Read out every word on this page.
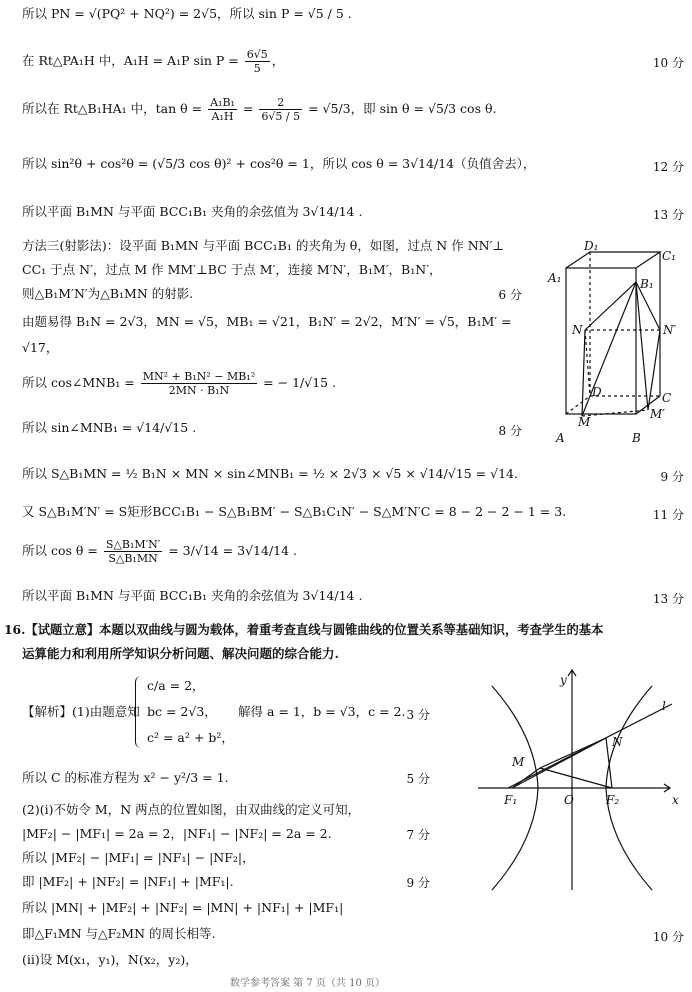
所以 PN = √(PQ² + NQ²) = 2√5，所以 sin P = √5 / 5 .
在 Rt△PA₁H 中，A₁H = A₁P $\sin P = \frac{6√5}{5}$ ，	10 分
所以在 Rt△B₁HA₁ 中，$\tan \theta = \frac{\text{A₁B₁}}{\text{A₁H}} = \frac{2}{6√5 / 5} = √5/3$，即 sin θ = √5/3 cos θ.
所以 sin²θ + cos²θ = (√5/3 cos θ)² + cos²θ = 1，所以 cos θ = 3√14/14（负值舍去），	12 分
所以平面 B₁MN 与平面 BCC₁B₁ 夹角的余弦值为 3√14/14 .	13 分
方法三(射影法)：设平面 B₁MN 与平面 BCC₁B₁ 的夹角为 θ，如图，过点 N 作 NN′⊥
CC₁ 于点 N′，过点 M 作 MM′⊥BC 于点 M′，连接 M′N′，B₁M′，B₁N′，
则△B₁M′N′为△B₁MN 的射影.	6 分
由题易得 B₁N = 2√3，MN = √5，MB₁ = √21，B₁N′ = 2√2，M′N′ = √5，B₁M′ =
√17，
所以 cos∠MNB₁ = $\frac{\text{MN² + B₁N² − MB₁²}}{\text{2MN · B₁N}}$ = − 1/√15 .
所以 sin∠MNB₁ = √14/√15 .	8 分
所以 S△B₁MN = ½ B₁N × MN × sin∠MNB₁ = ½ × 2√3 × √5 × √14/√15 = √14.	9 分
又 S△B₁M′N′ = S矩形BCC₁B₁ − S△B₁BM′ − S△B₁C₁N′ − S△M′N′C = 8 − 2 − 2 − 1 = 3.	11 分
所以 $\cos \theta = \frac{\text{S△B₁M′N′}}{\text{S△B₁MN}} = 3/√14 = 3√14/14$ .
所以平面 B₁MN 与平面 BCC₁B₁ 夹角的余弦值为 3√14/14 .	13 分
16.【试题立意】本题以双曲线与圆为载体，着重考查直线与圆锥曲线的位置关系等基础知识，考查学生的基本
运算能力和利用所学知识分析问题、解决问题的综合能力.
【解析】(1)由题意知
c/a = 2，
bc = 2√3，
c² = a² + b²，
解得 a = 1，b = √3，c = 2. 3 分
所以 C 的标准方程为 x² − y²/3 = 1.	5 分
(2)(i)不妨令 M，N 两点的位置如图，由双曲线的定义可知，
|MF₂| − |MF₁| = 2a = 2，|NF₁| − |NF₂| = 2a = 2.	7 分
所以 |MF₂| − |MF₁| = |NF₁| − |NF₂|，
即 |MF₂| + |NF₂| = |NF₁| + |MF₁|.	9 分
所以 |MN| + |MF₂| + |NF₂| = |MN| + |NF₁| + |MF₁|
即△F₁MN 与△F₂MN 的周长相等.	10 分
(ii)设 M(x₁，y₁)，N(x₂，y₂)，
数学参考答案 第 7 页（共 10 页）
D₁
C₁
A₁	B₁
N	N′
D	C
M
M′
A	B
y
l
N
M
F₁	O	F₂	x
